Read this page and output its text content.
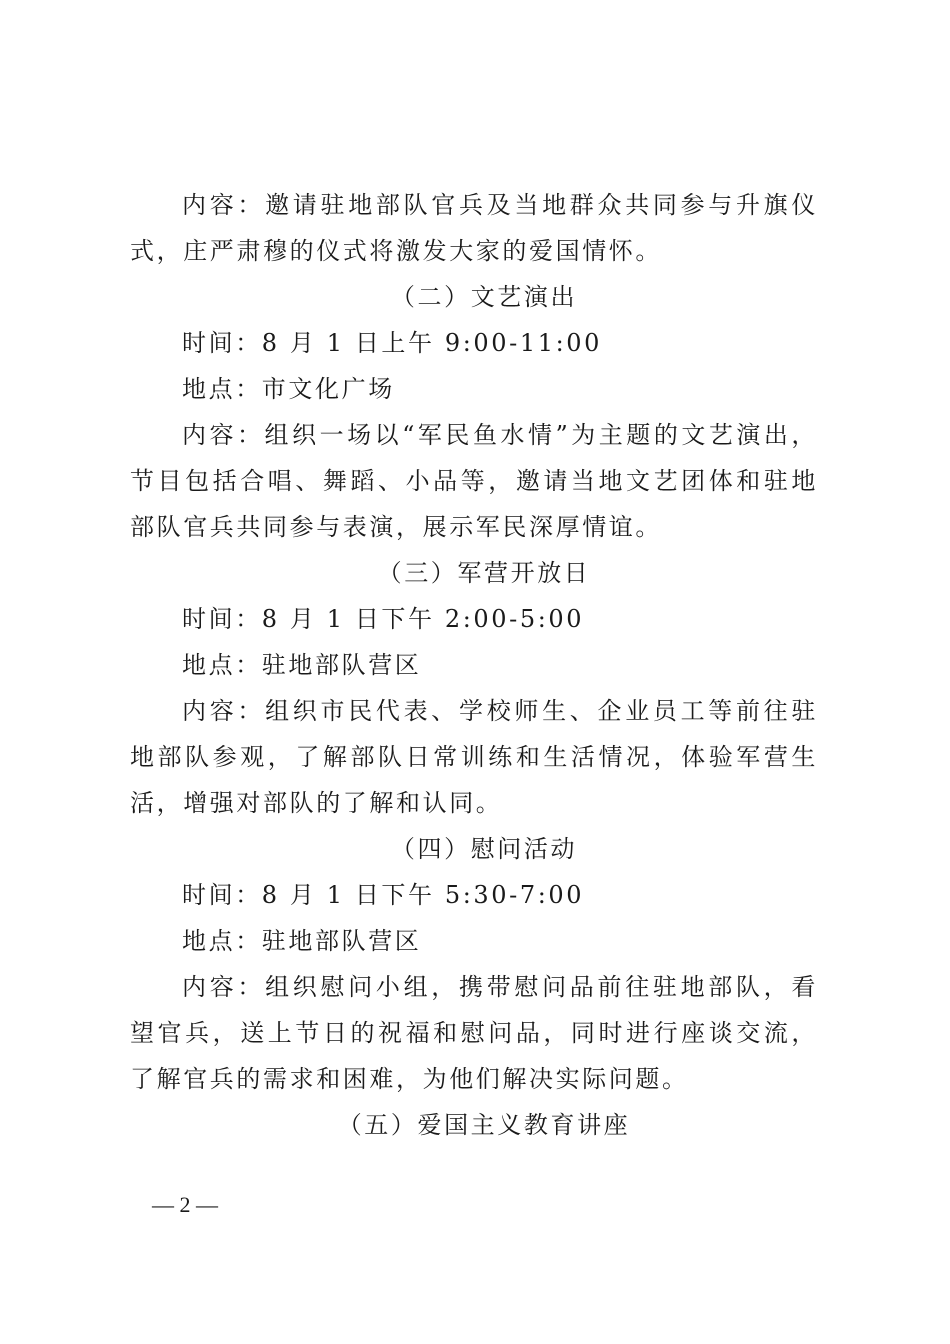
内容：邀请驻地部队官兵及当地群众共同参与升旗仪式，庄严肃穆的仪式将激发大家的爱国情怀。

（二）文艺演出

时间：8 月 1 日上午 9:00-11:00

地点：市文化广场

内容：组织一场以“军民鱼水情”为主题的文艺演出，节目包括合唱、舞蹈、小品等，邀请当地文艺团体和驻地部队官兵共同参与表演，展示军民深厚情谊。

（三）军营开放日

时间：8 月 1 日下午 2:00-5:00

地点：驻地部队营区

内容：组织市民代表、学校师生、企业员工等前往驻地部队参观，了解部队日常训练和生活情况，体验军营生活，增强对部队的了解和认同。

（四）慰问活动

时间：8 月 1 日下午 5:30-7:00

地点：驻地部队营区

内容：组织慰问小组，携带慰问品前往驻地部队，看望官兵，送上节日的祝福和慰问品，同时进行座谈交流，了解官兵的需求和困难，为他们解决实际问题。

（五）爱国主义教育讲座

— 2 —
